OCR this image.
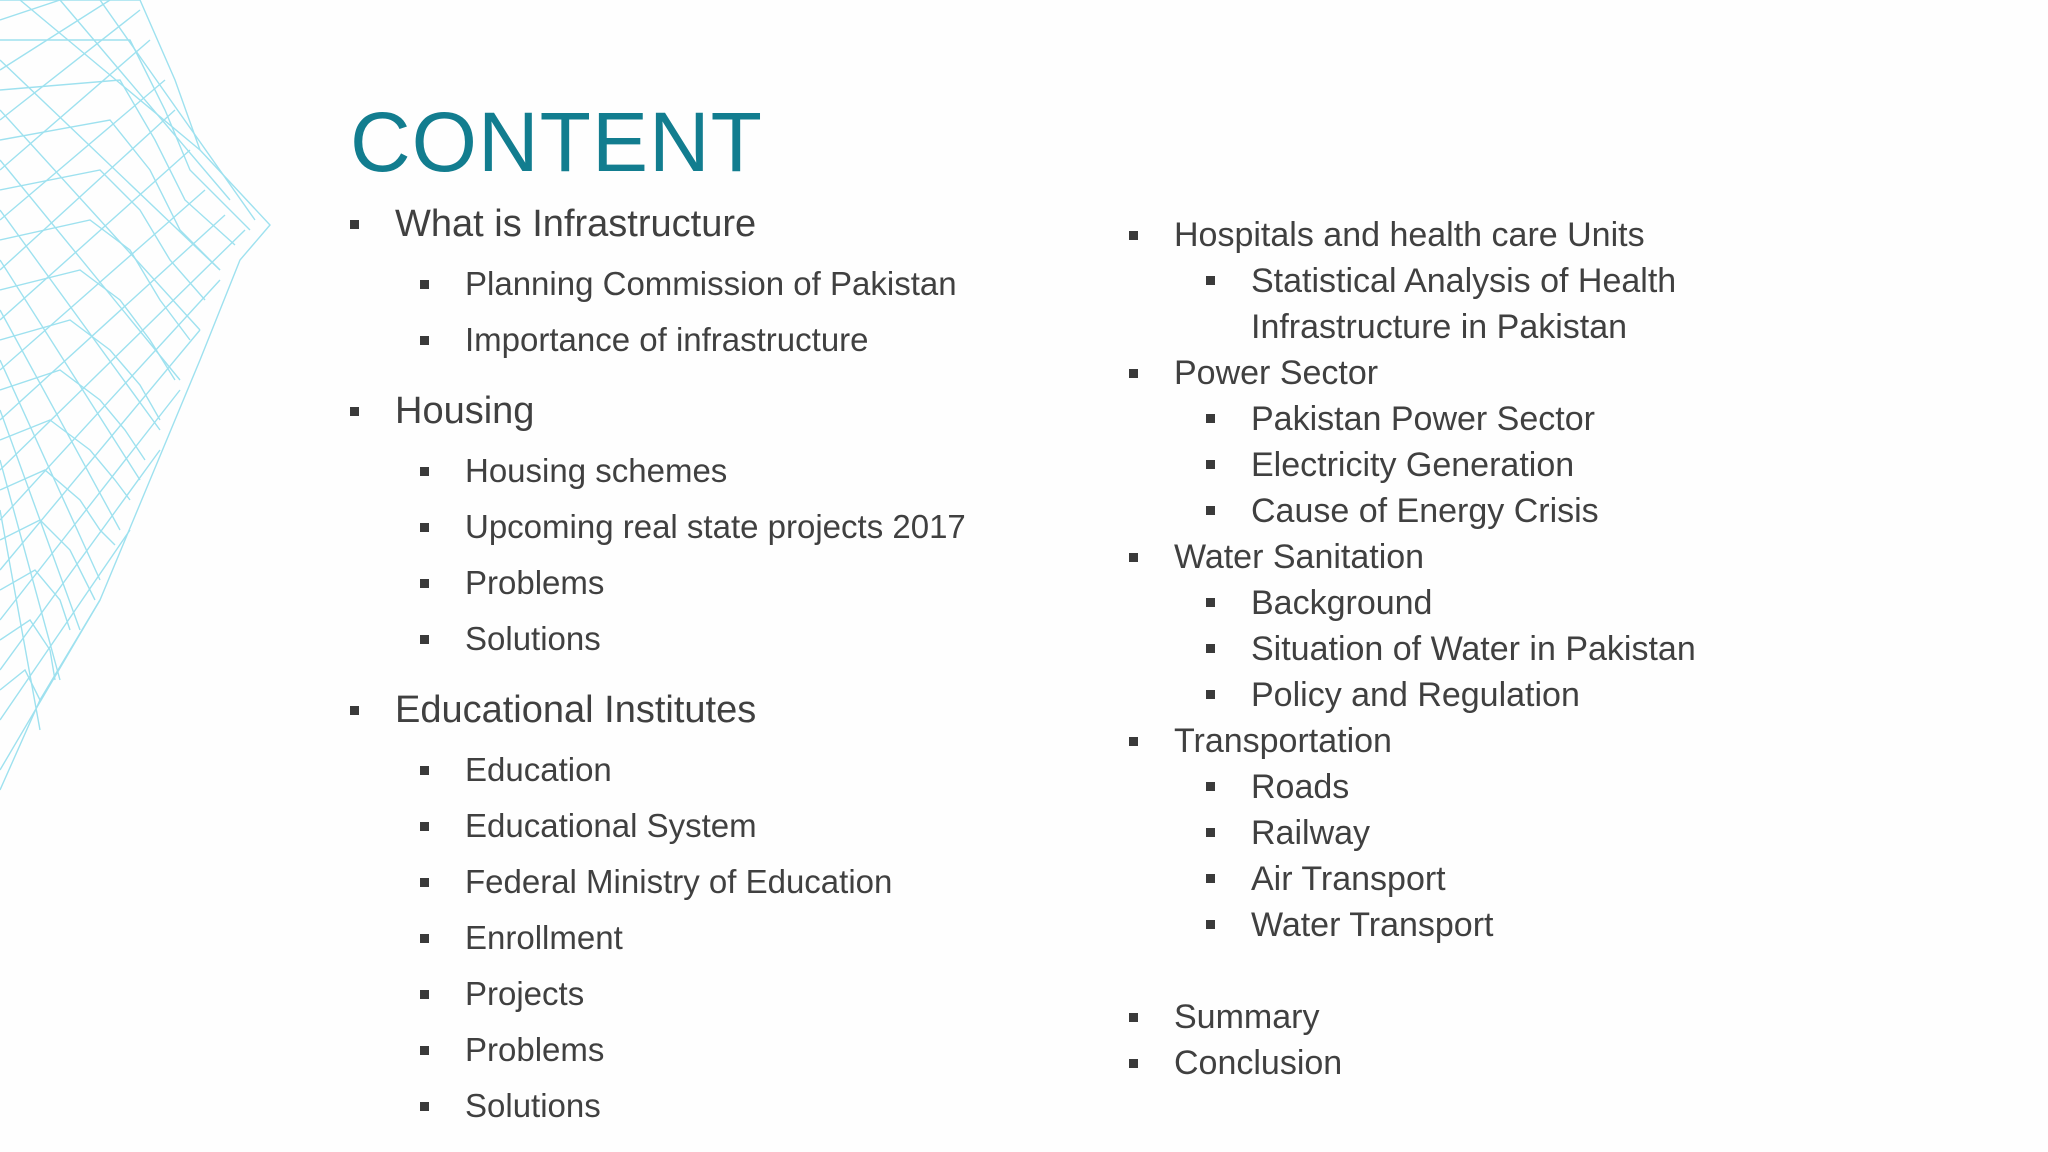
CONTENT
What is Infrastructure
Planning Commission of Pakistan
Importance of infrastructure
Housing
Housing schemes
Upcoming real state projects 2017
Problems
Solutions
Educational Institutes
Education
Educational System
Federal Ministry of Education
Enrollment
Projects
Problems
Solutions
Hospitals and health care Units
Statistical Analysis of Health
Infrastructure in Pakistan
Power Sector
Pakistan Power Sector
Electricity Generation
Cause of Energy Crisis
Water Sanitation
Background
Situation of Water in Pakistan
Policy and Regulation
Transportation
Roads
Railway
Air Transport
Water Transport
Summary
Conclusion
